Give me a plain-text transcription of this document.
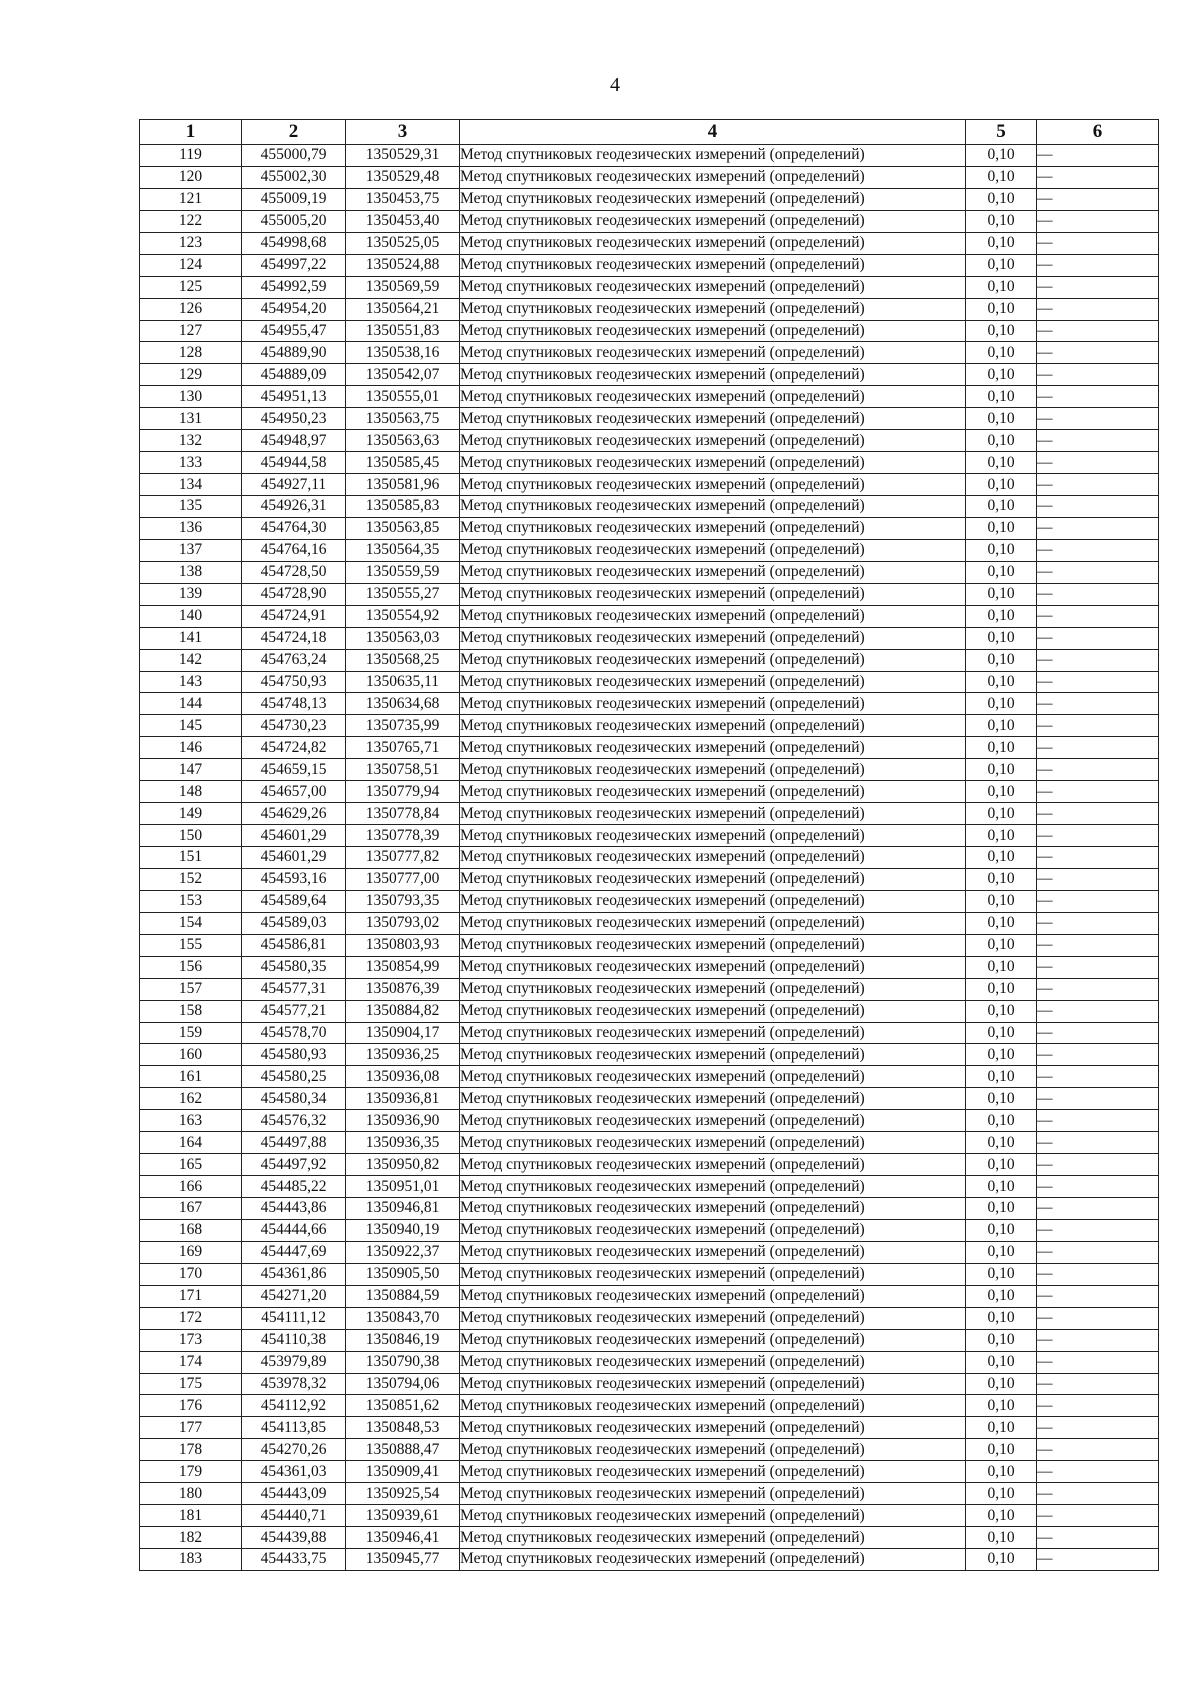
4
1	2	3	4	5	6
119	455000,79	1350529,31	Метод спутниковых геодезических измерений (определений)	0,10	—
120	455002,30	1350529,48	Метод спутниковых геодезических измерений (определений)	0,10	—
121	455009,19	1350453,75	Метод спутниковых геодезических измерений (определений)	0,10	—
122	455005,20	1350453,40	Метод спутниковых геодезических измерений (определений)	0,10	—
123	454998,68	1350525,05	Метод спутниковых геодезических измерений (определений)	0,10	—
124	454997,22	1350524,88	Метод спутниковых геодезических измерений (определений)	0,10	—
125	454992,59	1350569,59	Метод спутниковых геодезических измерений (определений)	0,10	—
126	454954,20	1350564,21	Метод спутниковых геодезических измерений (определений)	0,10	—
127	454955,47	1350551,83	Метод спутниковых геодезических измерений (определений)	0,10	—
128	454889,90	1350538,16	Метод спутниковых геодезических измерений (определений)	0,10	—
129	454889,09	1350542,07	Метод спутниковых геодезических измерений (определений)	0,10	—
130	454951,13	1350555,01	Метод спутниковых геодезических измерений (определений)	0,10	—
131	454950,23	1350563,75	Метод спутниковых геодезических измерений (определений)	0,10	—
132	454948,97	1350563,63	Метод спутниковых геодезических измерений (определений)	0,10	—
133	454944,58	1350585,45	Метод спутниковых геодезических измерений (определений)	0,10	—
134	454927,11	1350581,96	Метод спутниковых геодезических измерений (определений)	0,10	—
135	454926,31	1350585,83	Метод спутниковых геодезических измерений (определений)	0,10	—
136	454764,30	1350563,85	Метод спутниковых геодезических измерений (определений)	0,10	—
137	454764,16	1350564,35	Метод спутниковых геодезических измерений (определений)	0,10	—
138	454728,50	1350559,59	Метод спутниковых геодезических измерений (определений)	0,10	—
139	454728,90	1350555,27	Метод спутниковых геодезических измерений (определений)	0,10	—
140	454724,91	1350554,92	Метод спутниковых геодезических измерений (определений)	0,10	—
141	454724,18	1350563,03	Метод спутниковых геодезических измерений (определений)	0,10	—
142	454763,24	1350568,25	Метод спутниковых геодезических измерений (определений)	0,10	—
143	454750,93	1350635,11	Метод спутниковых геодезических измерений (определений)	0,10	—
144	454748,13	1350634,68	Метод спутниковых геодезических измерений (определений)	0,10	—
145	454730,23	1350735,99	Метод спутниковых геодезических измерений (определений)	0,10	—
146	454724,82	1350765,71	Метод спутниковых геодезических измерений (определений)	0,10	—
147	454659,15	1350758,51	Метод спутниковых геодезических измерений (определений)	0,10	—
148	454657,00	1350779,94	Метод спутниковых геодезических измерений (определений)	0,10	—
149	454629,26	1350778,84	Метод спутниковых геодезических измерений (определений)	0,10	—
150	454601,29	1350778,39	Метод спутниковых геодезических измерений (определений)	0,10	—
151	454601,29	1350777,82	Метод спутниковых геодезических измерений (определений)	0,10	—
152	454593,16	1350777,00	Метод спутниковых геодезических измерений (определений)	0,10	—
153	454589,64	1350793,35	Метод спутниковых геодезических измерений (определений)	0,10	—
154	454589,03	1350793,02	Метод спутниковых геодезических измерений (определений)	0,10	—
155	454586,81	1350803,93	Метод спутниковых геодезических измерений (определений)	0,10	—
156	454580,35	1350854,99	Метод спутниковых геодезических измерений (определений)	0,10	—
157	454577,31	1350876,39	Метод спутниковых геодезических измерений (определений)	0,10	—
158	454577,21	1350884,82	Метод спутниковых геодезических измерений (определений)	0,10	—
159	454578,70	1350904,17	Метод спутниковых геодезических измерений (определений)	0,10	—
160	454580,93	1350936,25	Метод спутниковых геодезических измерений (определений)	0,10	—
161	454580,25	1350936,08	Метод спутниковых геодезических измерений (определений)	0,10	—
162	454580,34	1350936,81	Метод спутниковых геодезических измерений (определений)	0,10	—
163	454576,32	1350936,90	Метод спутниковых геодезических измерений (определений)	0,10	—
164	454497,88	1350936,35	Метод спутниковых геодезических измерений (определений)	0,10	—
165	454497,92	1350950,82	Метод спутниковых геодезических измерений (определений)	0,10	—
166	454485,22	1350951,01	Метод спутниковых геодезических измерений (определений)	0,10	—
167	454443,86	1350946,81	Метод спутниковых геодезических измерений (определений)	0,10	—
168	454444,66	1350940,19	Метод спутниковых геодезических измерений (определений)	0,10	—
169	454447,69	1350922,37	Метод спутниковых геодезических измерений (определений)	0,10	—
170	454361,86	1350905,50	Метод спутниковых геодезических измерений (определений)	0,10	—
171	454271,20	1350884,59	Метод спутниковых геодезических измерений (определений)	0,10	—
172	454111,12	1350843,70	Метод спутниковых геодезических измерений (определений)	0,10	—
173	454110,38	1350846,19	Метод спутниковых геодезических измерений (определений)	0,10	—
174	453979,89	1350790,38	Метод спутниковых геодезических измерений (определений)	0,10	—
175	453978,32	1350794,06	Метод спутниковых геодезических измерений (определений)	0,10	—
176	454112,92	1350851,62	Метод спутниковых геодезических измерений (определений)	0,10	—
177	454113,85	1350848,53	Метод спутниковых геодезических измерений (определений)	0,10	—
178	454270,26	1350888,47	Метод спутниковых геодезических измерений (определений)	0,10	—
179	454361,03	1350909,41	Метод спутниковых геодезических измерений (определений)	0,10	—
180	454443,09	1350925,54	Метод спутниковых геодезических измерений (определений)	0,10	—
181	454440,71	1350939,61	Метод спутниковых геодезических измерений (определений)	0,10	—
182	454439,88	1350946,41	Метод спутниковых геодезических измерений (определений)	0,10	—
183	454433,75	1350945,77	Метод спутниковых геодезических измерений (определений)	0,10	—
